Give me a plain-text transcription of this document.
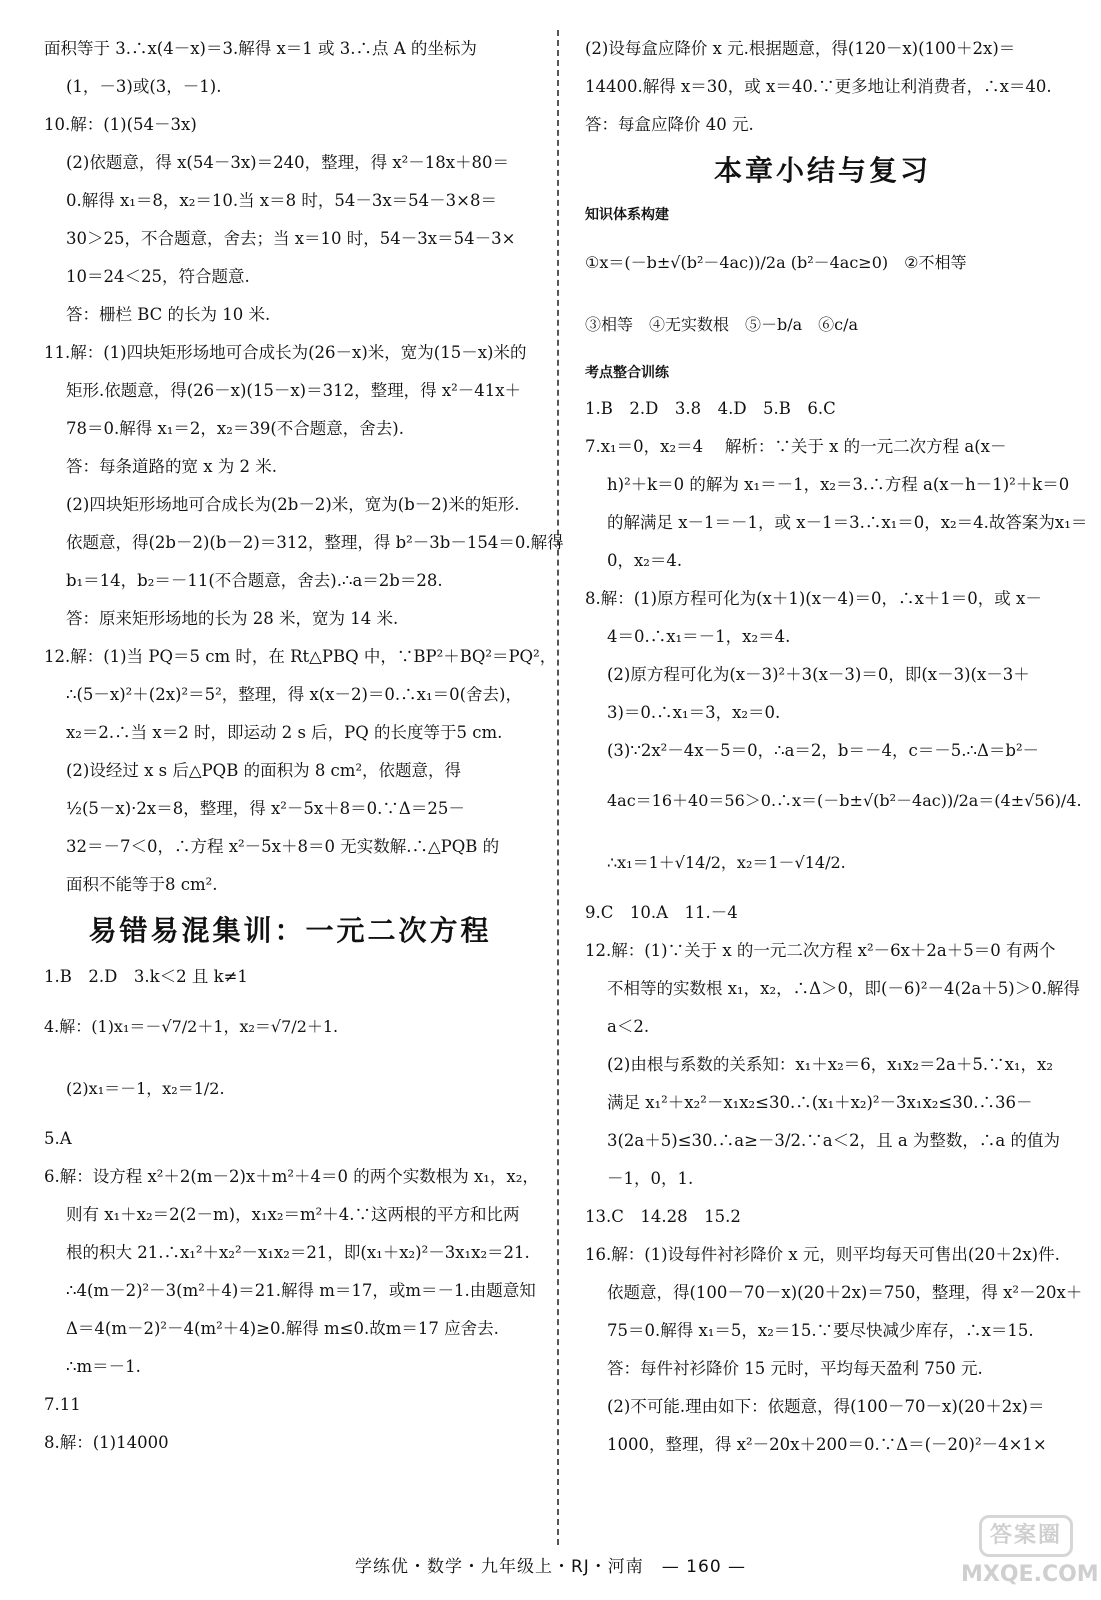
面积等于 3.∴x(4－x)＝3.解得 x＝1 或 3.∴点 A 的坐标为
(1，－3)或(3，－1).
10.解：(1)(54－3x)
(2)依题意，得 x(54－3x)＝240，整理，得 x²－18x＋80＝
0.解得 x₁＝8，x₂＝10.当 x＝8 时，54－3x＝54－3×8＝
30＞25，不合题意，舍去；当 x＝10 时，54－3x＝54－3×
10＝24＜25，符合题意.
答：栅栏 BC 的长为 10 米.
11.解：(1)四块矩形场地可合成长为(26－x)米，宽为(15－x)米的
矩形.依题意，得(26－x)(15－x)＝312，整理，得 x²－41x＋
78＝0.解得 x₁＝2，x₂＝39(不合题意，舍去).
答：每条道路的宽 x 为 2 米.
(2)四块矩形场地可合成长为(2b－2)米，宽为(b－2)米的矩形.
依题意，得(2b－2)(b－2)＝312，整理，得 b²－3b－154＝0.解得
b₁＝14，b₂＝－11(不合题意，舍去).∴a＝2b＝28.
答：原来矩形场地的长为 28 米，宽为 14 米.
12.解：(1)当 PQ＝5 cm 时，在 Rt△PBQ 中，∵BP²＋BQ²＝PQ²，
∴(5－x)²＋(2x)²＝5²，整理，得 x(x－2)＝0.∴x₁＝0(舍去)，
x₂＝2.∴当 x＝2 时，即运动 2 s 后，PQ 的长度等于5 cm.
(2)设经过 x s 后△PQB 的面积为 8 cm²，依题意，得
½(5－x)·2x＝8，整理，得 x²－5x＋8＝0.∵Δ＝25－
32＝－7＜0，∴方程 x²－5x＋8＝0 无实数解.∴△PQB 的
面积不能等于8 cm².
易错易混集训：一元二次方程
1.B　2.D　3.k＜2 且 k≠1
4.解：(1)x₁＝－√7/2＋1，x₂＝√7/2＋1.
(2)x₁＝－1，x₂＝1/2.
5.A
6.解：设方程 x²＋2(m－2)x＋m²＋4＝0 的两个实数根为 x₁，x₂，
则有 x₁＋x₂＝2(2－m)，x₁x₂＝m²＋4.∵这两根的平方和比两
根的积大 21.∴x₁²＋x₂²－x₁x₂＝21，即(x₁＋x₂)²－3x₁x₂＝21.
∴4(m－2)²－3(m²＋4)＝21.解得 m＝17，或m＝－1.由题意知
Δ＝4(m－2)²－4(m²＋4)≥0.解得 m≤0.故m＝17 应舍去.
∴m＝－1.
7.11
8.解：(1)14000
(2)设每盒应降价 x 元.根据题意，得(120－x)(100＋2x)＝
14400.解得 x＝30，或 x＝40.∵更多地让利消费者，∴x＝40.
答：每盒应降价 40 元.
本章小结与复习
知识体系构建
①x＝(－b±√(b²－4ac))/2a (b²－4ac≥0)　②不相等
③相等　④无实数根　⑤－b/a　⑥c/a
考点整合训练
1.B　2.D　3.8　4.D　5.B　6.C
7.x₁＝0，x₂＝4　 解析：∵关于 x 的一元二次方程 a(x－
h)²＋k＝0 的解为 x₁＝－1，x₂＝3.∴方程 a(x－h－1)²＋k＝0
的解满足 x－1＝－1，或 x－1＝3.∴x₁＝0，x₂＝4.故答案为x₁＝
0，x₂＝4.
8.解：(1)原方程可化为(x＋1)(x－4)＝0，∴x＋1＝0，或 x－
4＝0.∴x₁＝－1，x₂＝4.
(2)原方程可化为(x－3)²＋3(x－3)＝0，即(x－3)(x－3＋
3)＝0.∴x₁＝3，x₂＝0.
(3)∵2x²－4x－5＝0，∴a＝2，b＝－4，c＝－5.∴Δ＝b²－
4ac＝16＋40＝56＞0.∴x＝(－b±√(b²－4ac))/2a＝(4±√56)/4.
∴x₁＝1＋√14/2，x₂＝1－√14/2.
9.C　10.A　11.－4
12.解：(1)∵关于 x 的一元二次方程 x²－6x＋2a＋5＝0 有两个
不相等的实数根 x₁，x₂，∴Δ＞0，即(－6)²－4(2a＋5)＞0.解得
a＜2.
(2)由根与系数的关系知：x₁＋x₂＝6，x₁x₂＝2a＋5.∵x₁，x₂
满足 x₁²＋x₂²－x₁x₂≤30.∴(x₁＋x₂)²－3x₁x₂≤30.∴36－
3(2a＋5)≤30.∴a≥－3/2.∵a＜2，且 a 为整数，∴a 的值为
－1，0，1.
13.C　14.28　15.2
16.解：(1)设每件衬衫降价 x 元，则平均每天可售出(20＋2x)件.
依题意，得(100－70－x)(20＋2x)＝750，整理，得 x²－20x＋
75＝0.解得 x₁＝5，x₂＝15.∵要尽快减少库存，∴x＝15.
答：每件衬衫降价 15 元时，平均每天盈利 750 元.
(2)不可能.理由如下：依题意，得(100－70－x)(20＋2x)＝
1000，整理，得 x²－20x＋200＝0.∵Δ＝(－20)²－4×1×
学练优・数学・九年级上・RJ・河南　— 160 —
答案圈
MXQE.COM
